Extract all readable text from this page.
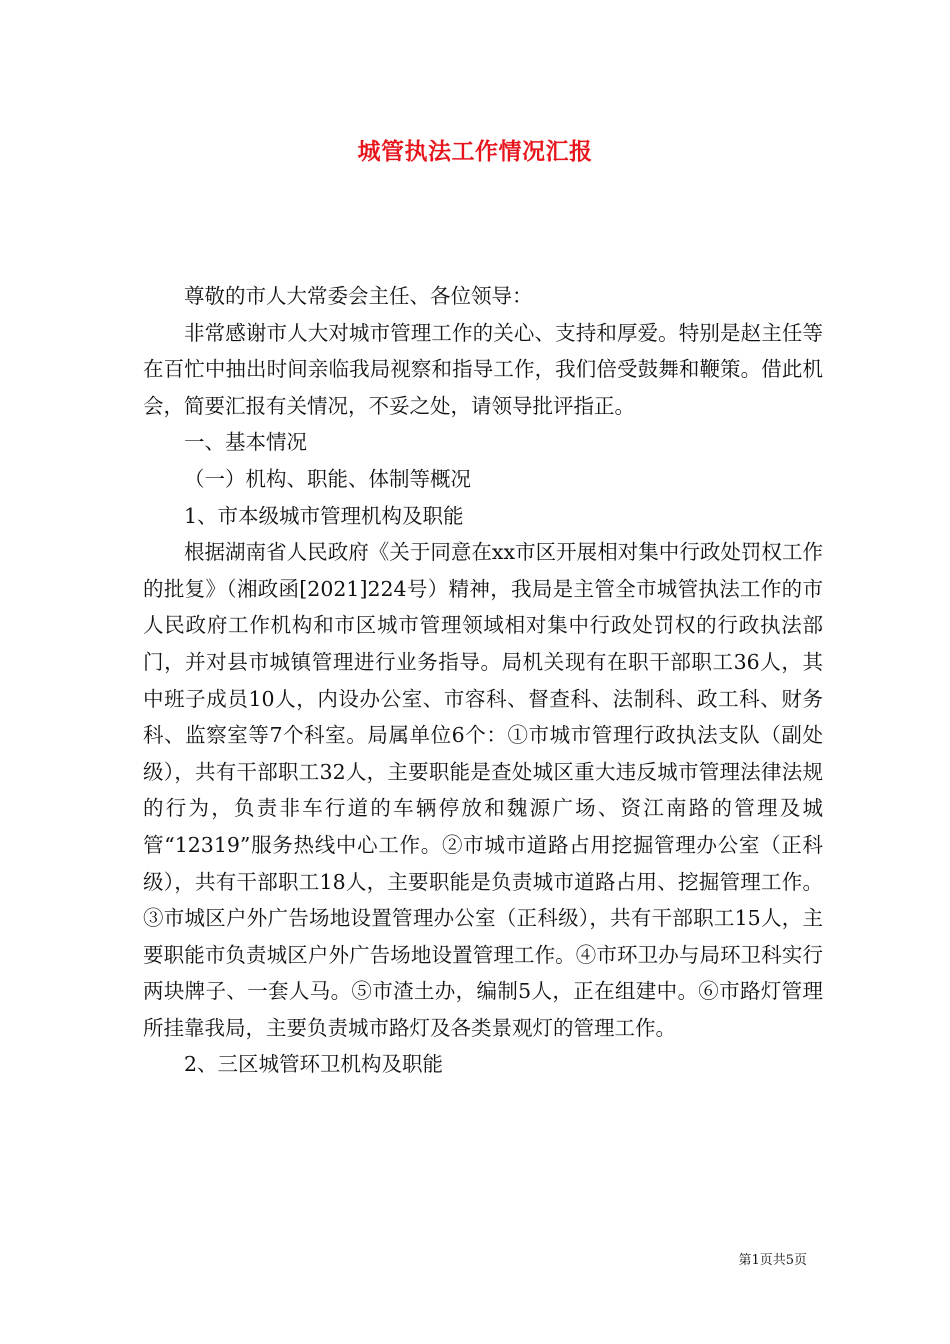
城管执法工作情况汇报

尊敬的市人大常委会主任、各位领导：

非常感谢市人大对城市管理工作的关心、支持和厚爱。特别是赵主任等在百忙中抽出时间亲临我局视察和指导工作，我们倍受鼓舞和鞭策。借此机会，简要汇报有关情况，不妥之处，请领导批评指正。

一、基本情况

（一）机构、职能、体制等概况

1、市本级城市管理机构及职能

根据湖南省人民政府《关于同意在xx市区开展相对集中行政处罚权工作的批复》（湘政函[2021]224号）精神，我局是主管全市城管执法工作的市人民政府工作机构和市区城市管理领域相对集中行政处罚权的行政执法部门，并对县市城镇管理进行业务指导。局机关现有在职干部职工36人，其中班子成员10人，内设办公室、市容科、督查科、法制科、政工科、财务科、监察室等7个科室。局属单位6个：①市城市管理行政执法支队（副处级），共有干部职工32人，主要职能是查处城区重大违反城市管理法律法规的行为，负责非车行道的车辆停放和魏源广场、资江南路的管理及城管“12319”服务热线中心工作。②市城市道路占用挖掘管理办公室（正科级），共有干部职工18人，主要职能是负责城市道路占用、挖掘管理工作。③市城区户外广告场地设置管理办公室（正科级），共有干部职工15人，主要职能市负责城区户外广告场地设置管理工作。④市环卫办与局环卫科实行两块牌子、一套人马。⑤市渣土办，编制5人，正在组建中。⑥市路灯管理所挂靠我局，主要负责城市路灯及各类景观灯的管理工作。

2、三区城管环卫机构及职能

第1页共5页
